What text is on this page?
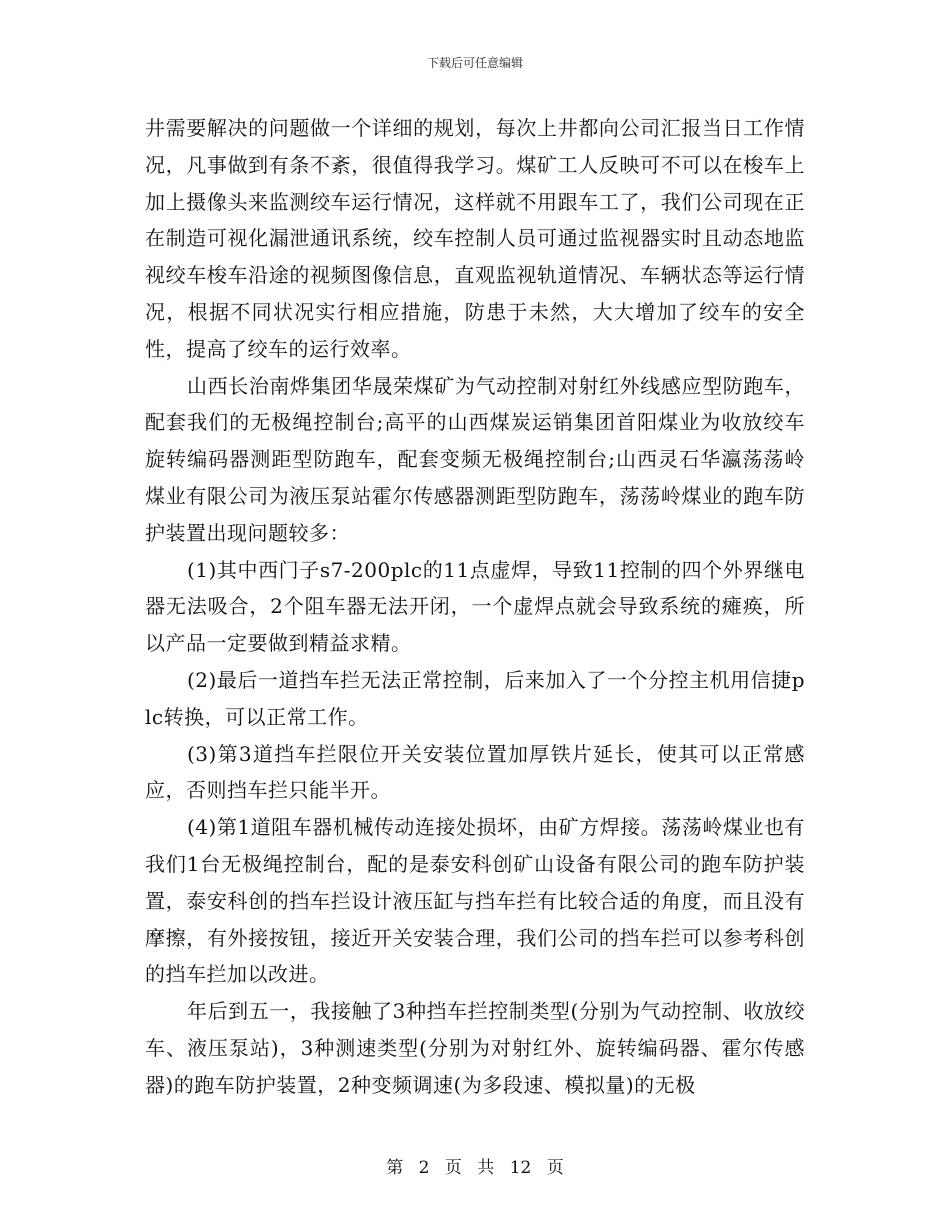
下载后可任意编辑

井需要解决的问题做一个详细的规划，每次上井都向公司汇报当日工作情况，凡事做到有条不紊，很值得我学习。煤矿工人反映可不可以在梭车上加上摄像头来监测绞车运行情况，这样就不用跟车工了，我们公司现在正在制造可视化漏泄通讯系统，绞车控制人员可通过监视器实时且动态地监视绞车梭车沿途的视频图像信息，直观监视轨道情况、车辆状态等运行情况，根据不同状况实行相应措施，防患于未然，大大增加了绞车的安全性，提高了绞车的运行效率。

山西长治南烨集团华晟荣煤矿为气动控制对射红外线感应型防跑车，配套我们的无极绳控制台;高平的山西煤炭运销集团首阳煤业为收放绞车旋转编码器测距型防跑车，配套变频无极绳控制台;山西灵石华瀛荡荡岭煤业有限公司为液压泵站霍尔传感器测距型防跑车，荡荡岭煤业的跑车防护装置出现问题较多：

(1)其中西门子s7-200plc的11点虚焊，导致11控制的四个外界继电器无法吸合，2个阻车器无法开闭，一个虚焊点就会导致系统的瘫痪，所以产品一定要做到精益求精。

(2)最后一道挡车拦无法正常控制，后来加入了一个分控主机用信捷plc转换，可以正常工作。

(3)第3道挡车拦限位开关安装位置加厚铁片延长，使其可以正常感应，否则挡车拦只能半开。

(4)第1道阻车器机械传动连接处损坏，由矿方焊接。荡荡岭煤业也有我们1台无极绳控制台，配的是泰安科创矿山设备有限公司的跑车防护装置，泰安科创的挡车拦设计液压缸与挡车拦有比较合适的角度，而且没有摩擦，有外接按钮，接近开关安装合理，我们公司的挡车拦可以参考科创的挡车拦加以改进。

年后到五一，我接触了3种挡车拦控制类型(分别为气动控制、收放绞车、液压泵站)，3种测速类型(分别为对射红外、旋转编码器、霍尔传感器)的跑车防护装置，2种变频调速(为多段速、模拟量)的无极

第 2 页 共 12 页
